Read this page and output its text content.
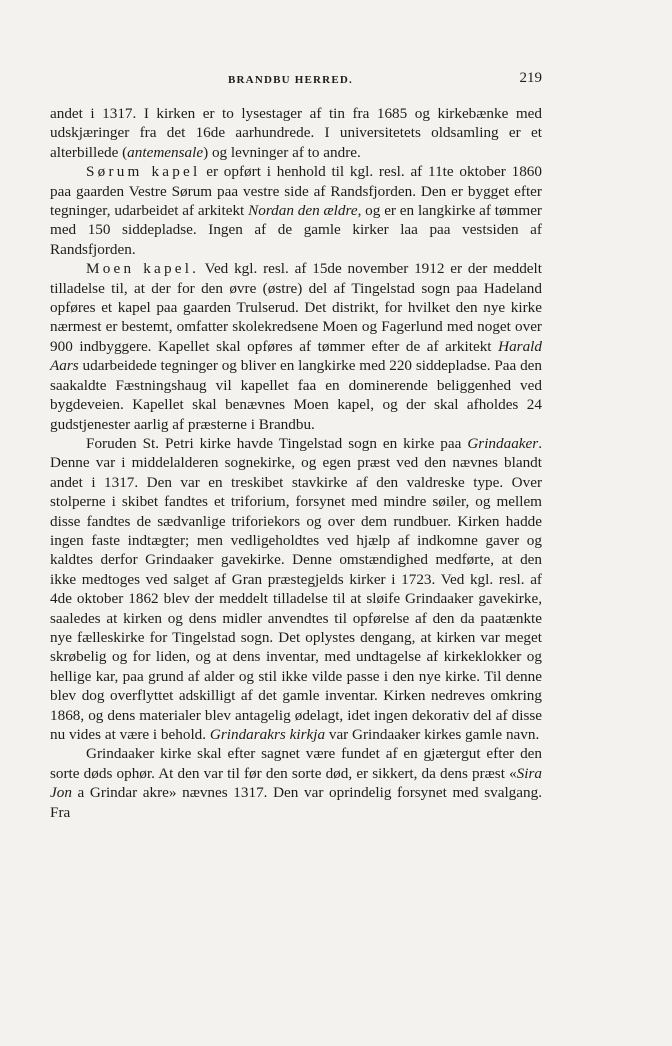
BRANDBU HERRED.	219

andet i 1317. I kirken er to lysestager af tin fra 1685 og kirkebænke med udskjæringer fra det 16de aarhundrede. I universitetets oldsamling er et alterbillede (antemensale) og levninger af to andre.

Sørum kapel er opført i henhold til kgl. resl. af 11te oktober 1860 paa gaarden Vestre Sørum paa vestre side af Randsfjorden. Den er bygget efter tegninger, udarbeidet af arkitekt Nordan den ældre, og er en langkirke af tømmer med 150 siddepladse. Ingen af de gamle kirker laa paa vestsiden af Randsfjorden.

Moen kapel. Ved kgl. resl. af 15de november 1912 er der meddelt tilladelse til, at der for den øvre (østre) del af Tingelstad sogn paa Hadeland opføres et kapel paa gaarden Trulserud. Det distrikt, for hvilket den nye kirke nærmest er bestemt, omfatter skolekredsene Moen og Fagerlund med noget over 900 indbyggere. Kapellet skal opføres af tømmer efter de af arkitekt Harald Aars udarbeidede tegninger og bliver en langkirke med 220 siddepladse. Paa den saakaldte Fæstningshaug vil kapellet faa en dominerende beliggenhed ved bygdeveien. Kapellet skal benævnes Moen kapel, og der skal afholdes 24 gudstjenester aarlig af præsterne i Brandbu.

Foruden St. Petri kirke havde Tingelstad sogn en kirke paa Grindaaker. Denne var i middelalderen sognekirke, og egen præst ved den nævnes blandt andet i 1317. Den var en treskibet stavkirke af den valdreske type. Over stolperne i skibet fandtes et triforium, forsynet med mindre søiler, og mellem disse fandtes de sædvanlige triforiekors og over dem rundbuer. Kirken hadde ingen faste indtægter; men vedligeholdtes ved hjælp af indkomne gaver og kaldtes derfor Grindaaker gavekirke. Denne omstændighed medførte, at den ikke medtoges ved salget af Gran præstegjelds kirker i 1723. Ved kgl. resl. af 4de oktober 1862 blev der meddelt tilladelse til at sløife Grindaaker gavekirke, saaledes at kirken og dens midler anvendtes til opførelse af den da paatænkte nye fælleskirke for Tingelstad sogn. Det oplystes dengang, at kirken var meget skrøbelig og for liden, og at dens inventar, med undtagelse af kirkeklokker og hellige kar, paa grund af alder og stil ikke vilde passe i den nye kirke. Til denne blev dog overflyttet adskilligt af det gamle inventar. Kirken nedreves omkring 1868, og dens materialer blev antagelig ødelagt, idet ingen dekorativ del af disse nu vides at være i behold. Grindarakrs kirkja var Grindaaker kirkes gamle navn.

Grindaaker kirke skal efter sagnet være fundet af en gjætergut efter den sorte døds ophør. At den var til før den sorte død, er sikkert, da dens præst «Sira Jon a Grindar akre» nævnes 1317. Den var oprindelig forsynet med svalgang. Fra
